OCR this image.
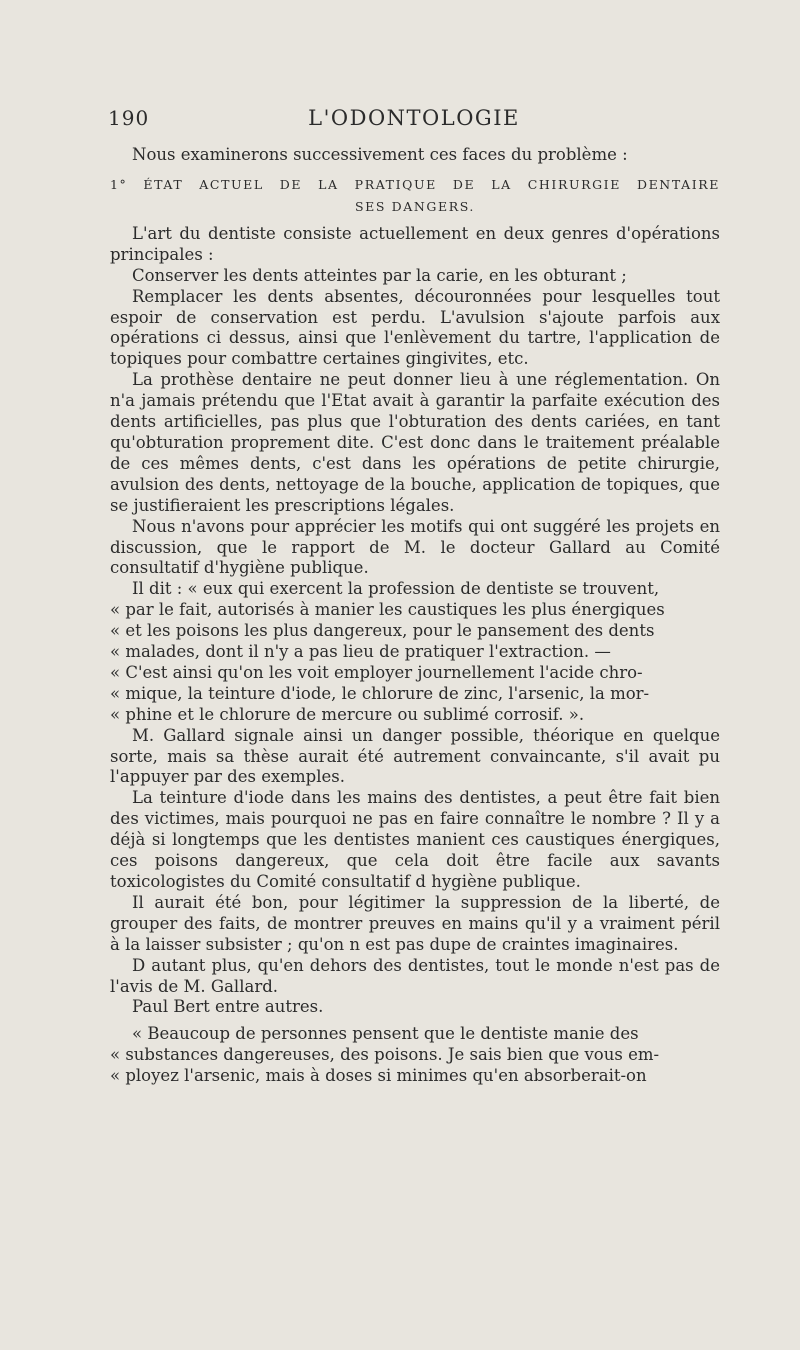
190	L'ODONTOLOGIE

Nous examinerons successivement ces faces du problème :

1° ÉTAT ACTUEL DE LA PRATIQUE DE LA CHIRURGIE DENTAIRE
SES DANGERS.

L'art du dentiste consiste actuellement en deux genres d'opérations principales :

Conserver les dents atteintes par la carie, en les obturant ;

Remplacer les dents absentes, découronnées pour lesquelles tout espoir de conservation est perdu. L'avulsion s'ajoute parfois aux opérations ci dessus, ainsi que l'enlèvement du tartre, l'application de topiques pour combattre certaines gingivites, etc.

La prothèse dentaire ne peut donner lieu à une réglementation. On n'a jamais prétendu que l'Etat avait à garantir la parfaite exécution des dents artificielles, pas plus que l'obturation des dents cariées, en tant qu'obturation proprement dite. C'est donc dans le traitement préalable de ces mêmes dents, c'est dans les opérations de petite chirurgie, avulsion des dents, nettoyage de la bouche, application de topiques, que se justifieraient les prescriptions légales.

Nous n'avons pour apprécier les motifs qui ont suggéré les projets en discussion, que le rapport de M. le docteur Gallard au Comité consultatif d'hygiène publique.

Il dit : « eux qui exercent la profession de dentiste se trouvent,
« par le fait, autorisés à manier les caustiques les plus énergiques
« et les poisons les plus dangereux, pour le pansement des dents
« malades, dont il n'y a pas lieu de pratiquer l'extraction. —
« C'est ainsi qu'on les voit employer journellement l'acide chro-
« mique, la teinture d'iode, le chlorure de zinc, l'arsenic, la mor-
« phine et le chlorure de mercure ou sublimé corrosif. ».

M. Gallard signale ainsi un danger possible, théorique en quelque sorte, mais sa thèse aurait été autrement convaincante, s'il avait pu l'appuyer par des exemples.

La teinture d'iode dans les mains des dentistes, a peut être fait bien des victimes, mais pourquoi ne pas en faire connaître le nombre ? Il y a déjà si longtemps que les dentistes manient ces caustiques énergiques, ces poisons dangereux, que cela doit être facile aux savants toxicologistes du Comité consultatif d hygiène publique.

Il aurait été bon, pour légitimer la suppression de la liberté, de grouper des faits, de montrer preuves en mains qu'il y a vraiment péril à la laisser subsister ; qu'on n est pas dupe de craintes imaginaires.

D autant plus, qu'en dehors des dentistes, tout le monde n'est pas de l'avis de M. Gallard.

Paul Bert entre autres.

« Beaucoup de personnes pensent que le dentiste manie des
« substances dangereuses, des poisons. Je sais bien que vous em-
« ployez l'arsenic, mais à doses si minimes qu'en absorberait-on
